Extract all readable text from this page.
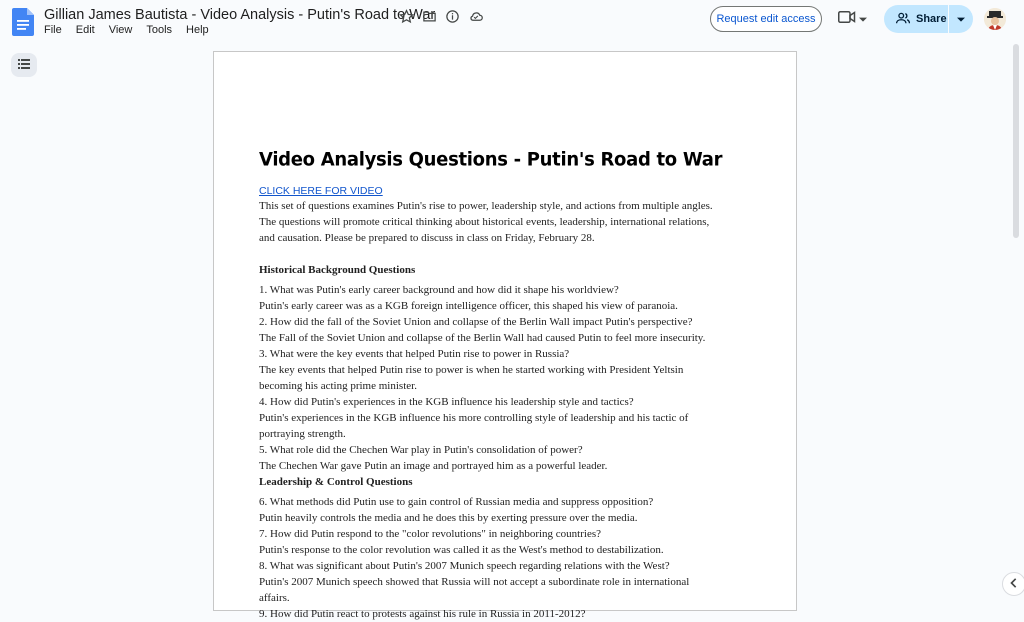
Gillian James Bautista - Video Analysis - Putin's Road to War
File Edit View Tools Help
Request edit access	Share
Video Analysis Questions - Putin's Road to War
CLICK HERE FOR VIDEO
This set of questions examines Putin's rise to power, leadership style, and actions from multiple angles.
The questions will promote critical thinking about historical events, leadership, international relations,
and causation. Please be prepared to discuss in class on Friday, February 28.
Historical Background Questions
1. What was Putin's early career background and how did it shape his worldview?
Putin's early career was as a KGB foreign intelligence officer, this shaped his view of paranoia.
2. How did the fall of the Soviet Union and collapse of the Berlin Wall impact Putin's perspective?
The Fall of the Soviet Union and collapse of the Berlin Wall had caused Putin to feel more insecurity.
3. What were the key events that helped Putin rise to power in Russia?
The key events that helped Putin rise to power is when he started working with President Yeltsin
becoming his acting prime minister.
4. How did Putin's experiences in the KGB influence his leadership style and tactics?
Putin's experiences in the KGB influence his more controlling style of leadership and his tactic of
portraying strength.
5. What role did the Chechen War play in Putin's consolidation of power?
The Chechen War gave Putin an image and portrayed him as a powerful leader.
Leadership & Control Questions
6. What methods did Putin use to gain control of Russian media and suppress opposition?
Putin heavily controls the media and he does this by exerting pressure over the media.
7. How did Putin respond to the "color revolutions" in neighboring countries?
Putin's response to the color revolution was called it as the West's method to destabilization.
8. What was significant about Putin's 2007 Munich speech regarding relations with the West?
Putin's 2007 Munich speech showed that Russia will not accept a subordinate role in international
affairs.
9. How did Putin react to protests against his rule in Russia in 2011-2012?
